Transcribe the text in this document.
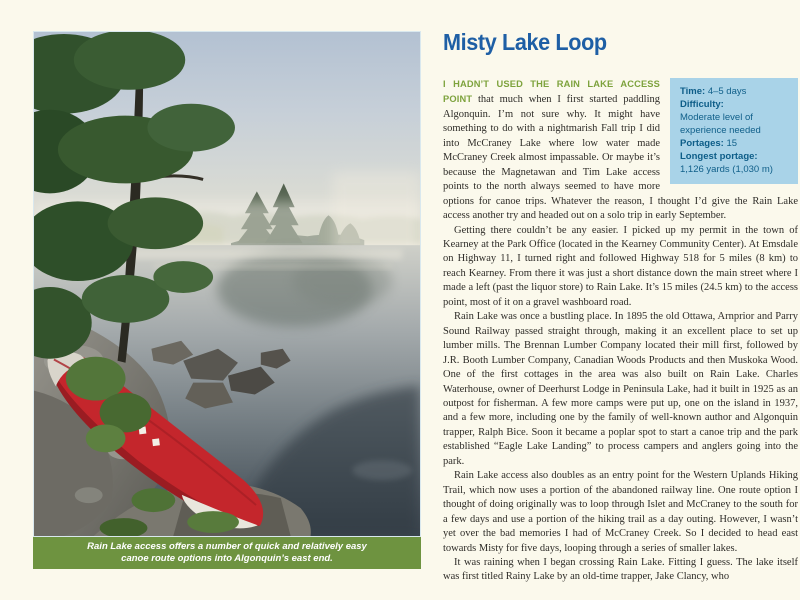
Rain Lake access offers a number of quick and relatively easy canoe route options into Algonquin’s east end.
Misty Lake Loop

Time: 4–5 days
Difficulty:
Moderate level of experience needed
Portages: 15
Longest portage:
1,126 yards (1,030 m)
I HADN’T USED THE RAIN LAKE ACCESS POINT that much when I first started paddling Algonquin. I’m not sure why. It might have something to do with a nightmarish Fall trip I did into McCraney Lake where low water made McCraney Creek almost impassable. Or maybe it’s because the Magnetawan and Tim Lake access points to the north always seemed to have more options for canoe trips. Whatever the reason, I thought I’d give the Rain Lake access another try and headed out on a solo trip in early September.

Getting there couldn’t be any easier. I picked up my permit in the town of Kearney at the Park Office (located in the Kearney Community Center). At Emsdale on Highway 11, I turned right and followed Highway 518 for 5 miles (8 km) to reach Kearney. From there it was just a short distance down the main street where I made a left (past the liquor store) to Rain Lake. It’s 15 miles (24.5 km) to the access point, most of it on a gravel washboard road.

Rain Lake was once a bustling place. In 1895 the old Ottawa, Arnprior and Parry Sound Railway passed straight through, making it an excellent place to set up lumber mills. The Brennan Lumber Company located their mill first, followed by J.R. Booth Lumber Company, Canadian Woods Products and then Muskoka Wood. One of the first cottages in the area was also built on Rain Lake. Charles Waterhouse, owner of Deerhurst Lodge in Peninsula Lake, had it built in 1925 as an outpost for fisherman. A few more camps were put up, one on the island in 1937, and a few more, including one by the family of well-known author and Algonquin trapper, Ralph Bice. Soon it became a poplar spot to start a canoe trip and the park established “Eagle Lake Landing” to process campers and anglers going into the park.

Rain Lake access also doubles as an entry point for the Western Uplands Hiking Trail, which now uses a portion of the abandoned railway line. One route option I thought of doing originally was to loop through Islet and McCraney to the south for a few days and use a portion of the hiking trail as a day outing. However, I wasn’t yet over the bad memories I had of McCraney Creek. So I decided to head east towards Misty for five days, looping through a series of smaller lakes.

It was raining when I began crossing Rain Lake. Fitting I guess. The lake itself was first titled Rainy Lake by an old-time trapper, Jake Clancy, who
